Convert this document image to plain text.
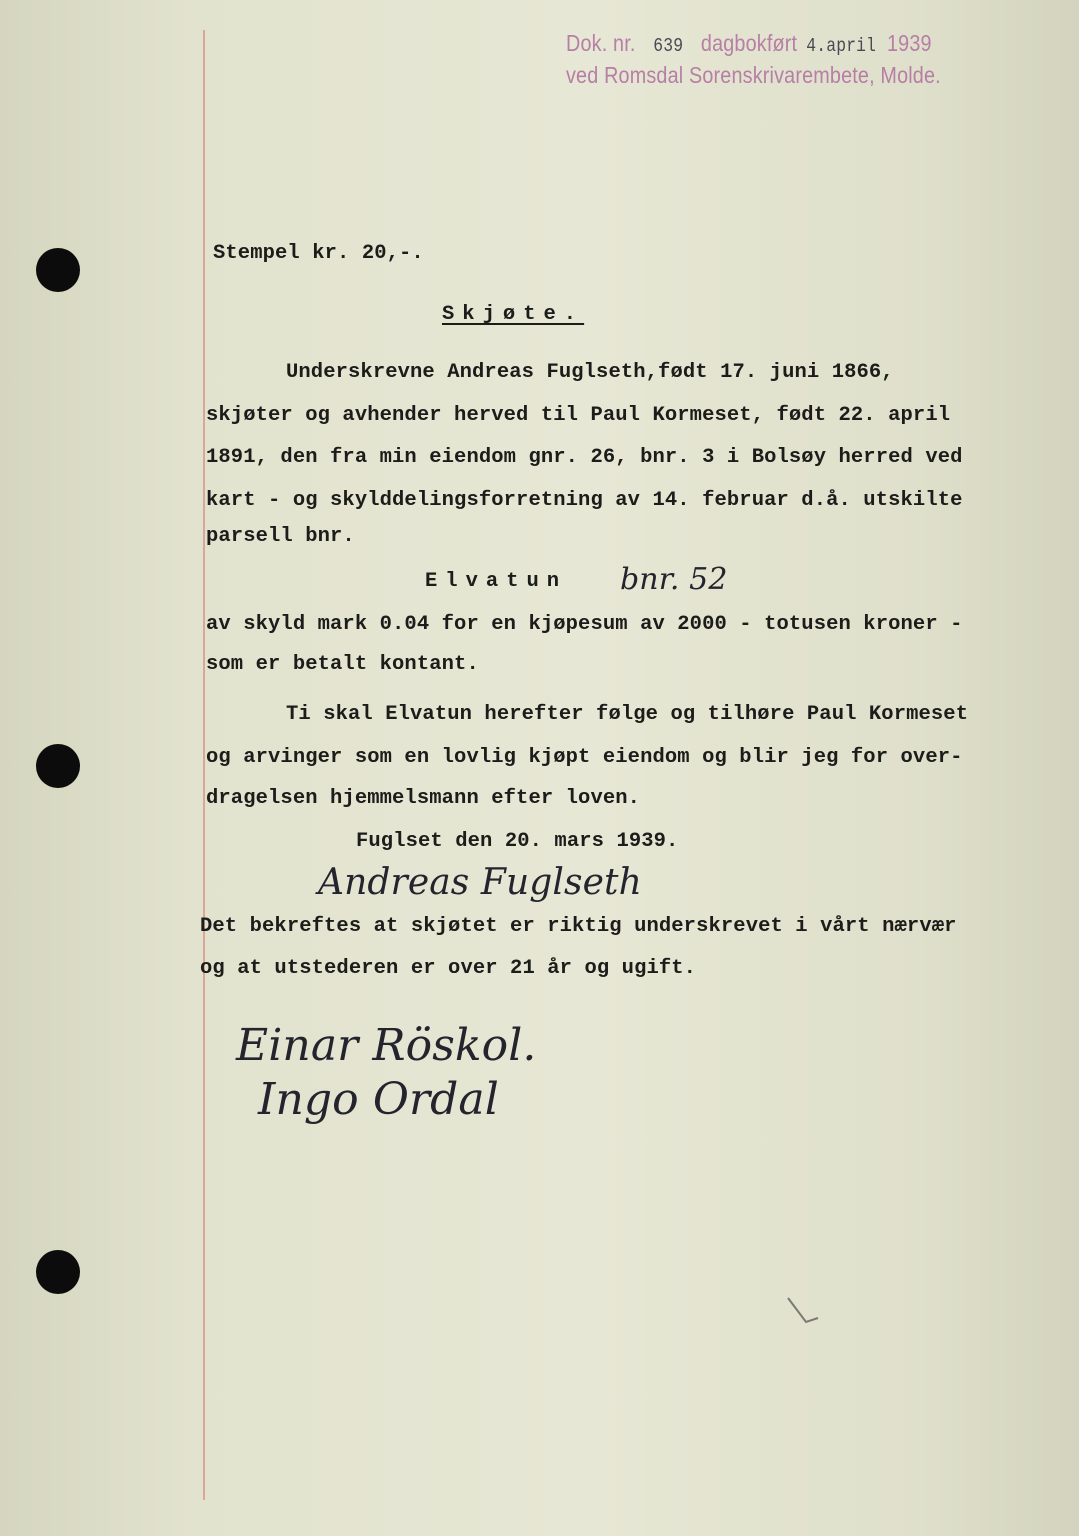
Dok. nr. 639 dagbokført 4.april 1939
ved Romsdal Sorenskrivarembete, Molde.
Stempel kr. 20,-.
Skjøte.
Underskrevne Andreas Fuglseth,født 17. juni 1866,
skjøter og avhender herved til Paul Kormeset, født 22. april
1891, den fra min eiendom gnr. 26, bnr. 3 i Bolsøy herred ved
kart - og skylddelingsforretning av 14. februar d.å. utskilte
parsell bnr.
Elvatun bnr. 52
av skyld mark 0.04 for en kjøpesum av 2000 - totusen kroner -
som er betalt kontant.
Ti skal Elvatun herefter følge og tilhøre Paul Kormeset
og arvinger som en lovlig kjøpt eiendom og blir jeg for over-
dragelsen hjemmelsmann efter loven.
Fuglset den 20. mars 1939.
Andreas Fuglseth
Det bekreftes at skjøtet er riktig underskrevet i vårt nærvær
og at utstederen er over 21 år og ugift.
Einar Röskol.
Ingo Ordal
